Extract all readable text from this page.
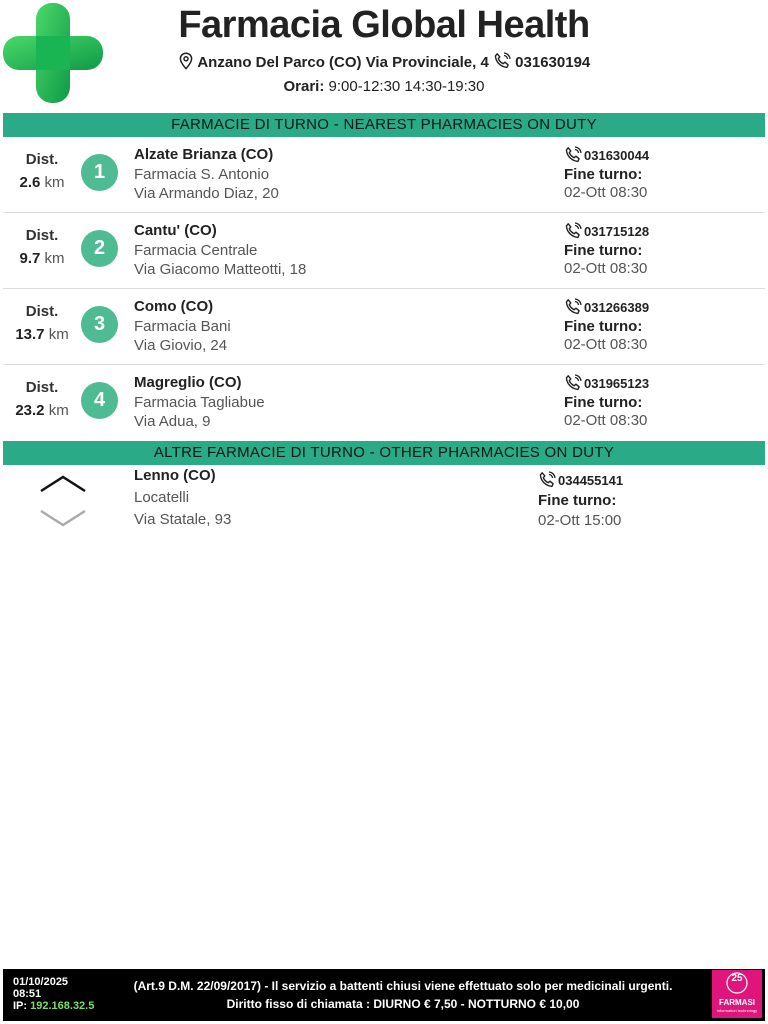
Farmacia Global Health
Anzano Del Parco (CO) Via Provinciale, 4 031630194
Orari: 9:00-12:30 14:30-19:30
FARMACIE DI TURNO - NEAREST PHARMACIES ON DUTY
Dist.
2.6 km	1
Alzate Brianza (CO)
Farmacia S. Antonio
Via Armando Diaz, 20
031630044
Fine turno:
02-Ott 08:30
Dist.
9.7 km	2
Cantu' (CO)
Farmacia Centrale
Via Giacomo Matteotti, 18
031715128
Fine turno:
02-Ott 08:30
Dist.
13.7 km	3
Como (CO)
Farmacia Bani
Via Giovio, 24
031266389
Fine turno:
02-Ott 08:30
Dist.
23.2 km	4
Magreglio (CO)
Farmacia Tagliabue
Via Adua, 9
031965123
Fine turno:
02-Ott 08:30
ALTRE FARMACIE DI TURNO - OTHER PHARMACIES ON DUTY
Lenno (CO)
Locatelli
Via Statale, 93
034455141
Fine turno:
02-Ott 15:00
01/10/2025
08:51
IP: 192.168.32.5
(Art.9 D.M. 22/09/2017) - Il servizio a battenti chiusi viene effettuato solo per medicinali urgenti.
Diritto fisso di chiamata : DIURNO € 7,50 - NOTTURNO € 10,00
25
FARMASI
information technology
